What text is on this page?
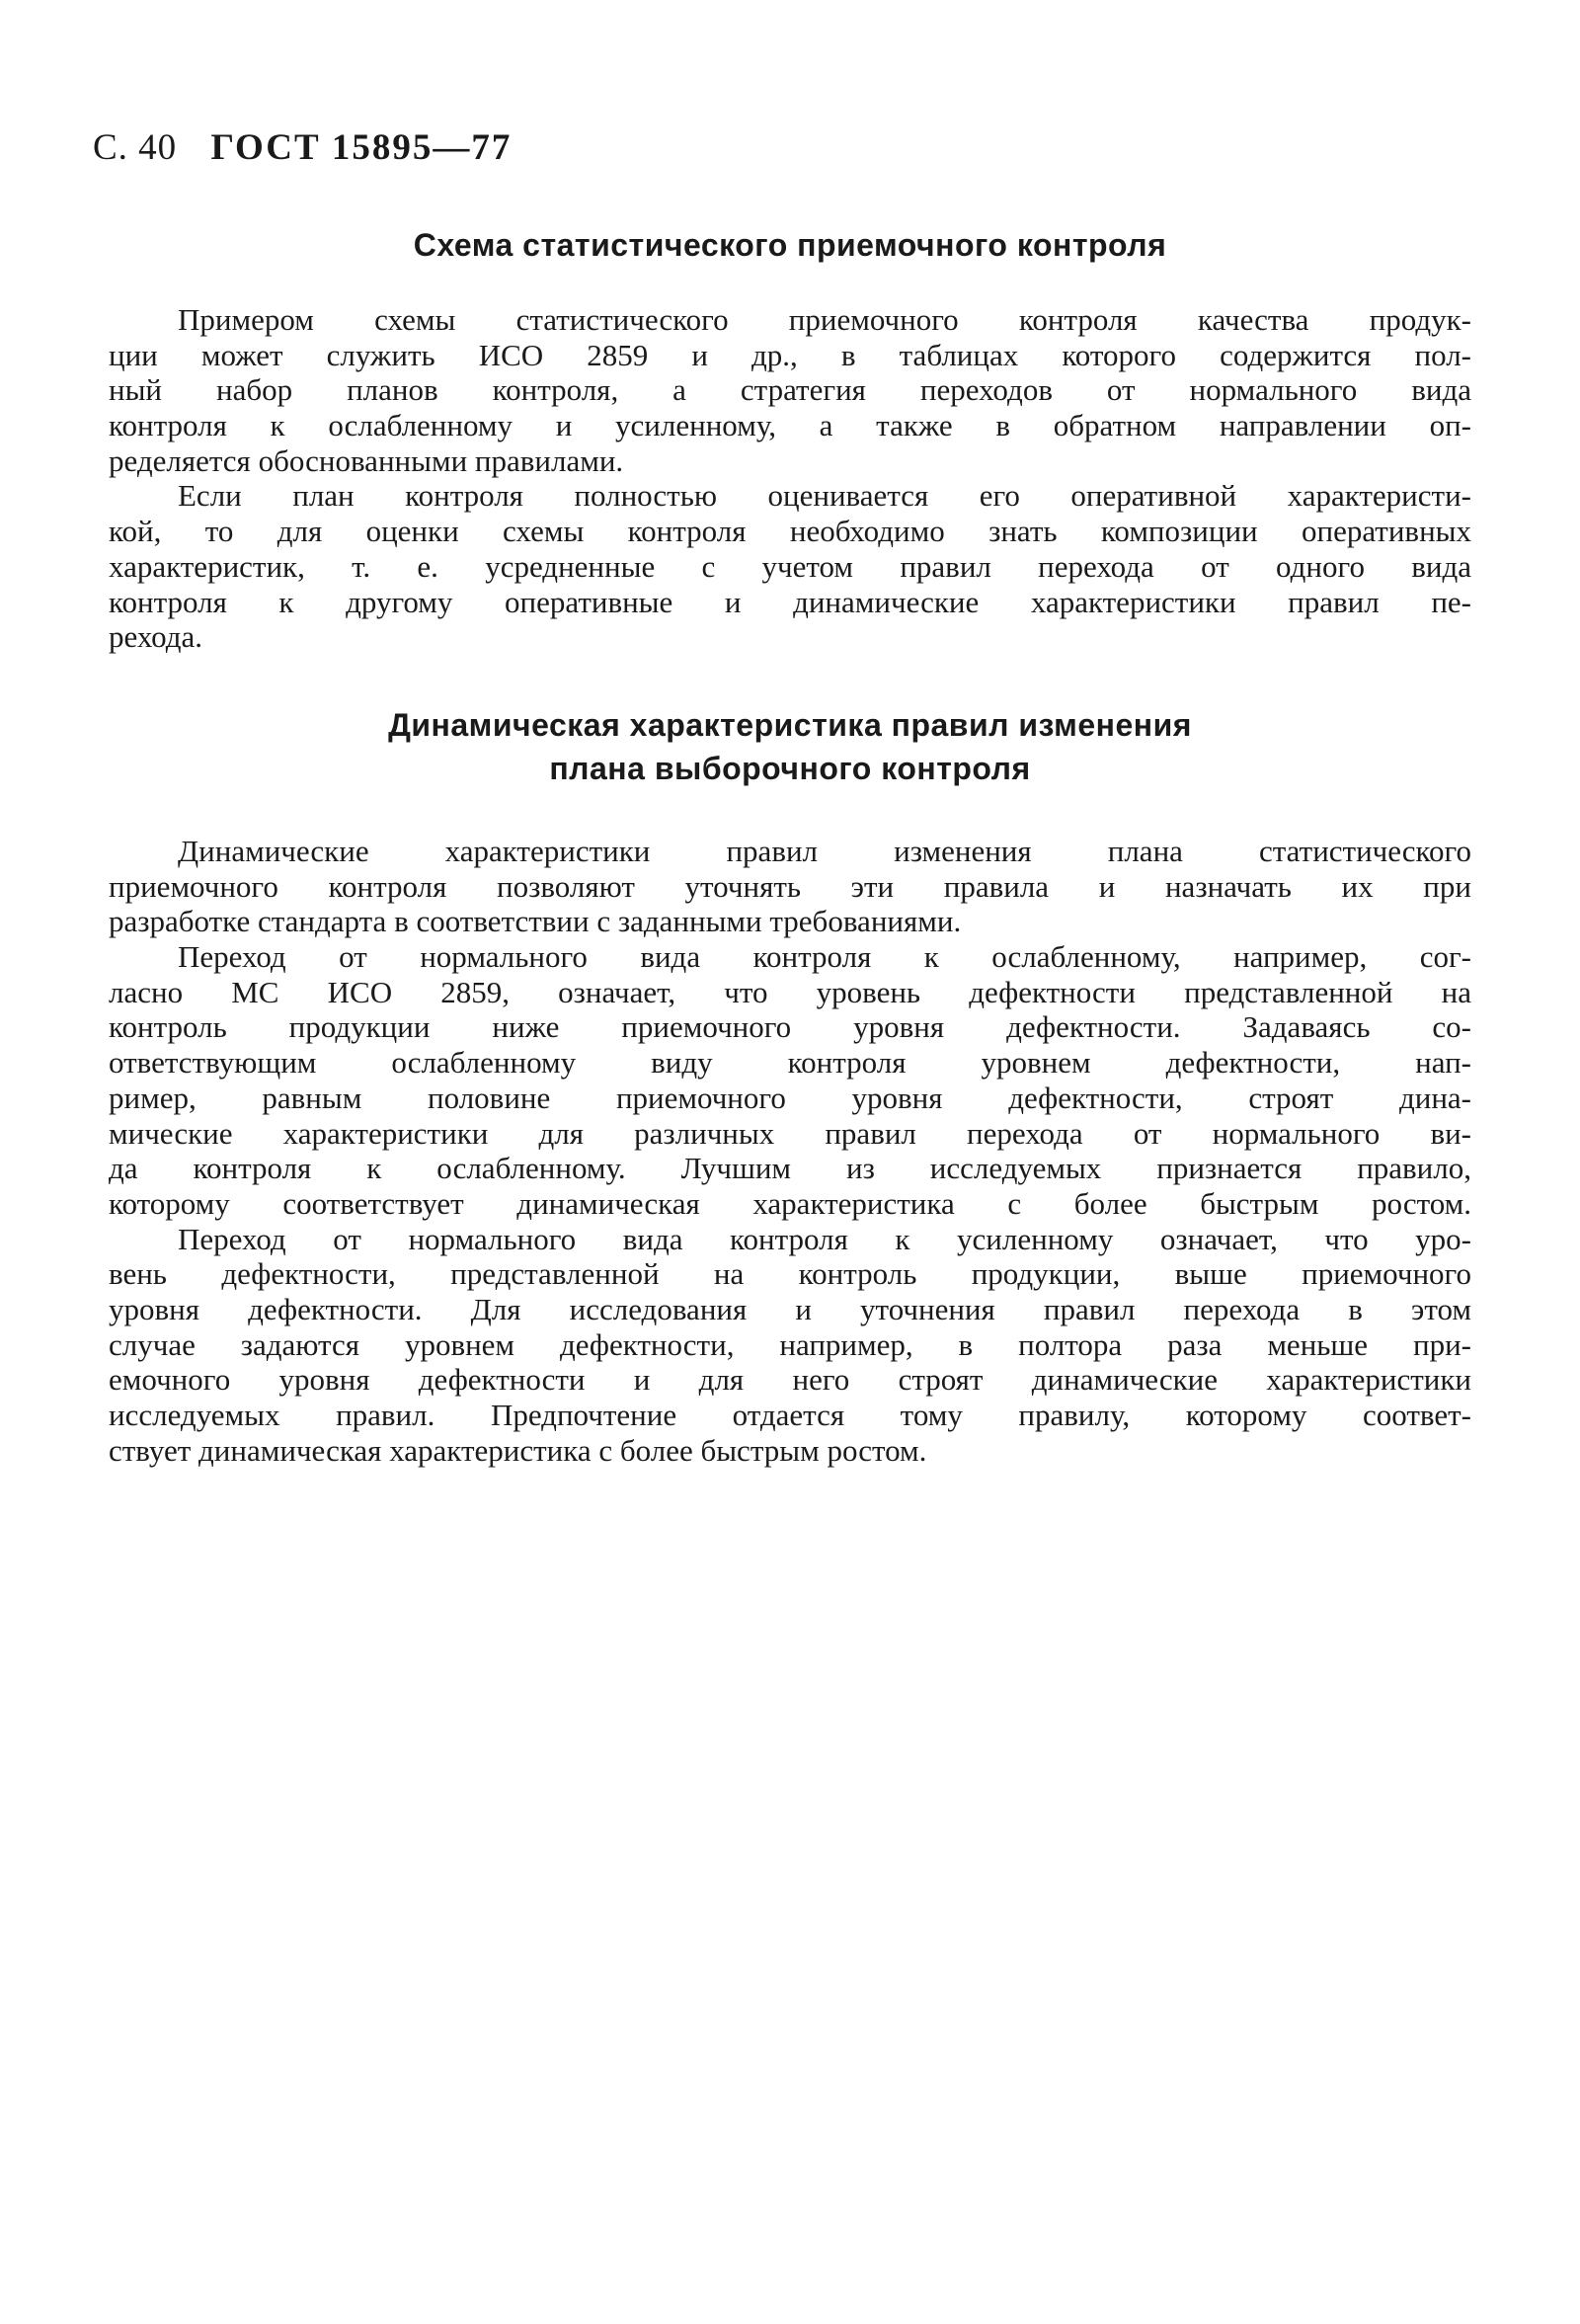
С. 40 ГОСТ 15895—77
Схема статистического приемочного контроля
Примером схемы статистического приемочного контроля качества продук-
ции может служить ИСО 2859 и др., в таблицах которого содержится пол-
ный набор планов контроля, а стратегия переходов от нормального вида
контроля к ослабленному и усиленному, а также в обратном направлении оп-
ределяется обоснованными правилами.
Если план контроля полностью оценивается его оперативной характеристи-
кой, то для оценки схемы контроля необходимо знать композиции оперативных
характеристик, т. е. усредненные с учетом правил перехода от одного вида
контроля к другому оперативные и динамические характеристики правил пе-
рехода.
Динамическая характеристика правил изменения
плана выборочного контроля
Динамические характеристики правил изменения плана статистического
приемочного контроля позволяют уточнять эти правила и назначать их при
разработке стандарта в соответствии с заданными требованиями.
Переход от нормального вида контроля к ослабленному, например, сог-
ласно МС ИСО 2859, означает, что уровень дефектности представленной на
контроль продукции ниже приемочного уровня дефектности. Задаваясь со-
ответствующим ослабленному виду контроля уровнем дефектности, нап-
ример, равным половине приемочного уровня дефектности, строят дина-
мические характеристики для различных правил перехода от нормального ви-
да контроля к ослабленному. Лучшим из исследуемых признается правило,
которому соответствует динамическая характеристика с более быстрым ростом.
Переход от нормального вида контроля к усиленному означает, что уро-
вень дефектности, представленной на контроль продукции, выше приемочного
уровня дефектности. Для исследования и уточнения правил перехода в этом
случае задаются уровнем дефектности, например, в полтора раза меньше при-
емочного уровня дефектности и для него строят динамические характеристики
исследуемых правил. Предпочтение отдается тому правилу, которому соответ-
ствует динамическая характеристика с более быстрым ростом.
